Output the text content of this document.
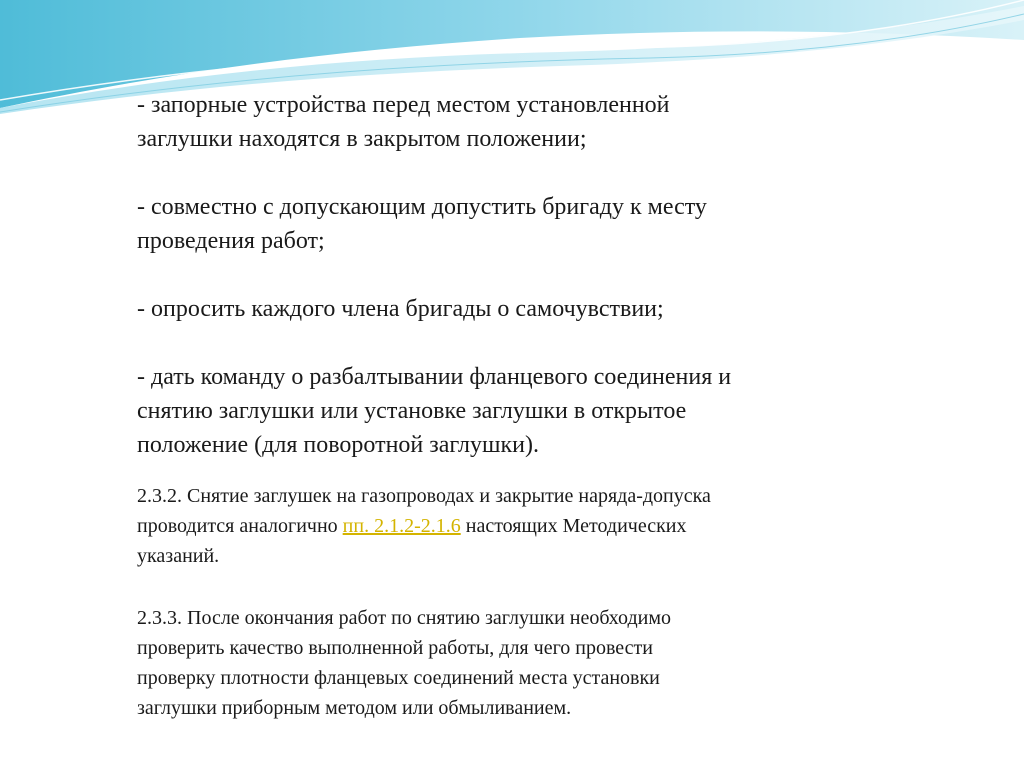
- запорные устройства перед местом установленной
заглушки находятся в закрытом положении;

- совместно с допускающим допустить бригаду к месту
проведения работ;

- опросить каждого члена бригады о самочувствии;

- дать команду о разбалтывании фланцевого соединения и
снятию заглушки или установке заглушки в открытое
положение (для поворотной заглушки).

2.3.2. Снятие заглушек на газопроводах и закрытие наряда-допуска
проводится аналогично пп. 2.1.2-2.1.6 настоящих Методических
указаний.

2.3.3. После окончания работ по снятию заглушки необходимо
проверить качество выполненной работы, для чего провести
проверку плотности фланцевых соединений места установки
заглушки приборным методом или обмыливанием.
